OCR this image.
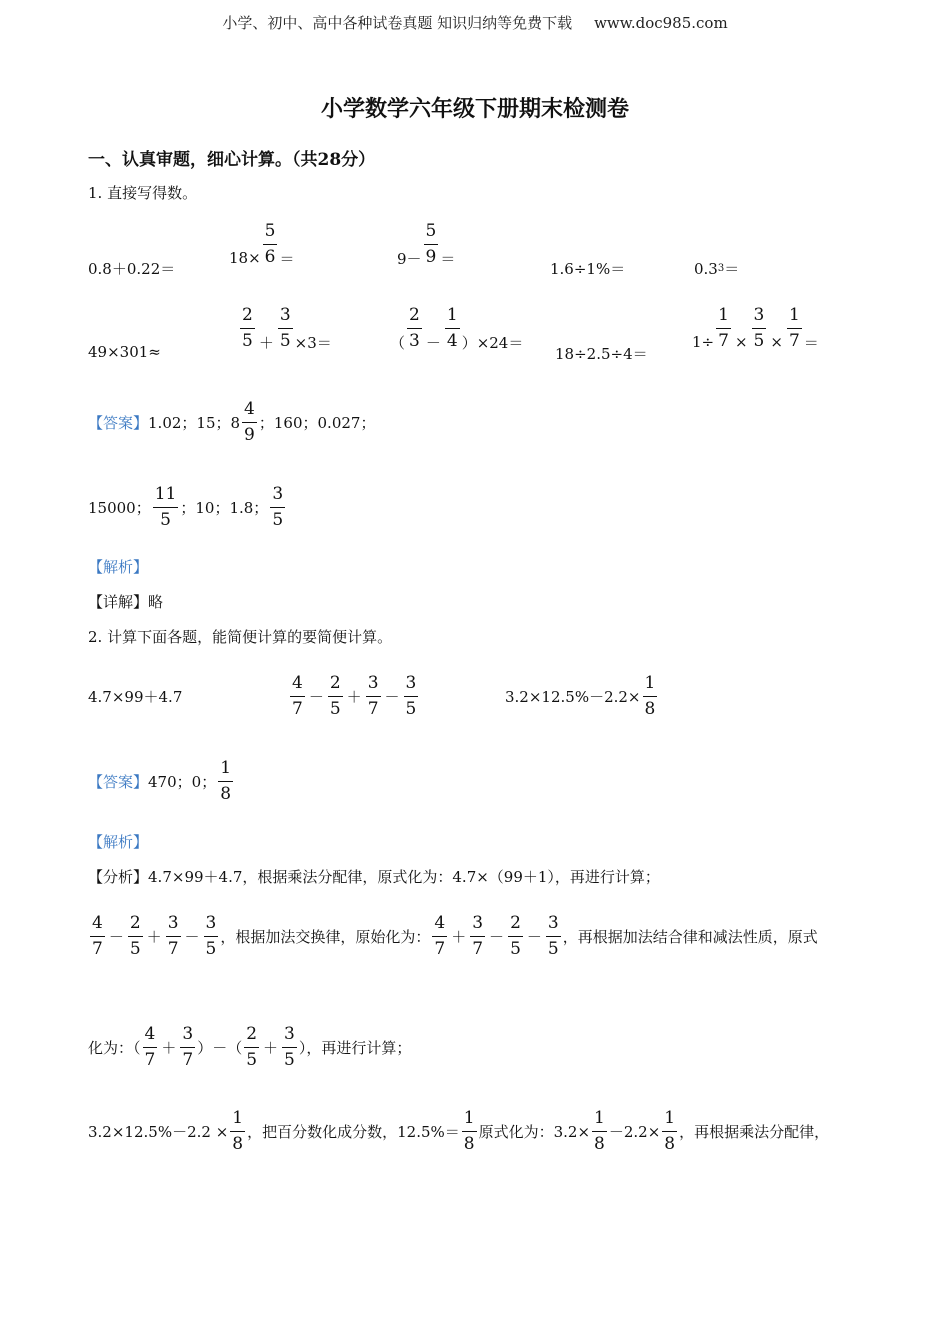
小学、初中、高中各种试卷真题 知识归纳等免费下载 www.doc985.com
小学数学六年级下册期末检测卷
一、认真审题，细心计算。（共28分）
1. 直接写得数。
0.8＋0.22＝
$18\times \frac{5}{6}$ ＝	$9- \frac{5}{9}$ ＝
1.6÷1%＝	0.3 3 ＝
49×301≈
$\frac{2}{5} + \frac{3}{5} \times 3=$	（ $\frac{2}{3} - \frac{1}{4} )\times 24=$
18÷2.5÷4＝
$1\div \frac{1}{7} \times \frac{3}{5} \times \frac{1}{7}$ ＝
【答案】 1.02；15；$8 \frac{4}{9}$ ；160；0.027；
15000； $\frac{11}{5}$ ；10；1.8； $\frac{3}{5}$
【解析】
【详解】略
2. 计算下面各题，能简便计算的要简便计算。
4.7×99＋4.7	$\frac{4}{7} - \frac{2}{5} + \frac{3}{7} - \frac{3}{5}$	$3.2\times 12.5\%-2.2\times \frac{1}{8}$
【答案】 470；0； $\frac{1}{8}$
【解析】
【分析】4.7×99＋4.7，根据乘法分配律，原式化为：4.7×（99＋1），再进行计算；
$\frac{4}{7} - \frac{2}{5} + \frac{3}{7} - \frac{3}{5}$ ，根据加法交换律，原始化为： $\frac{4}{7} + \frac{3}{7} - \frac{2}{5} - \frac{3}{5}$ ，再根据加法结合律和减法性质，原式
化为：（ $\frac{4}{7} + \frac{3}{7}$ ）－（ $\frac{2}{5} + \frac{3}{5}$ ），再进行计算；
$3.2\times 12.5\%-2.2 \times \frac{1}{8}$ ，把百分数化成分数，$12.5\%= \frac{1}{8}$ 原式化为：$3.2\times \frac{1}{8} -2.2\times \frac{1}{8}$ ，再根据乘法分配律，
